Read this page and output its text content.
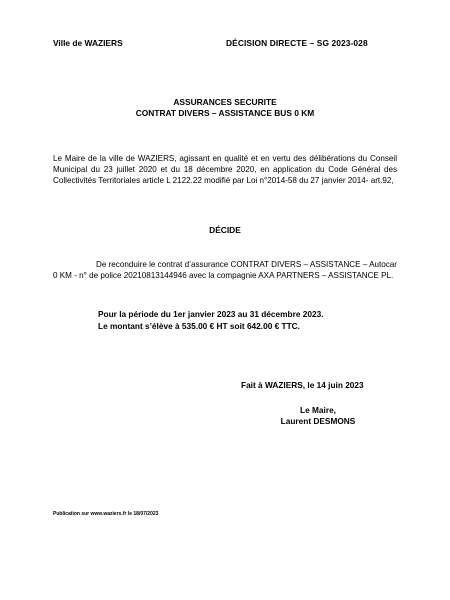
Ville de WAZIERS	DÉCISION DIRECTE – SG 2023-028
ASSURANCES SECURITE
CONTRAT DIVERS – ASSISTANCE BUS 0 KM
Le Maire de la ville de WAZIERS, agissant en qualité et en vertu des délibérations du Conseil Municipal du 23 juillet 2020 et du 18 décembre 2020, en application du Code Général des Collectivités Territoriales article L 2122.22 modifié par Loi n°2014-58 du 27 janvier 2014- art.92,
DÉCIDE
De reconduire le contrat d’assurance CONTRAT DIVERS – ASSISTANCE – Autocar 0 KM - n° de police 20210813144946 avec la compagnie AXA PARTNERS – ASSISTANCE PL.
Pour la période du 1er janvier 2023 au 31 décembre 2023.
Le montant s’élève à 535.00 € HT soit 642.00 € TTC.
Fait à WAZIERS, le 14 juin 2023
Le Maire,
Laurent DESMONS
Publication sur www.waziers.fr le 18/07/2023
